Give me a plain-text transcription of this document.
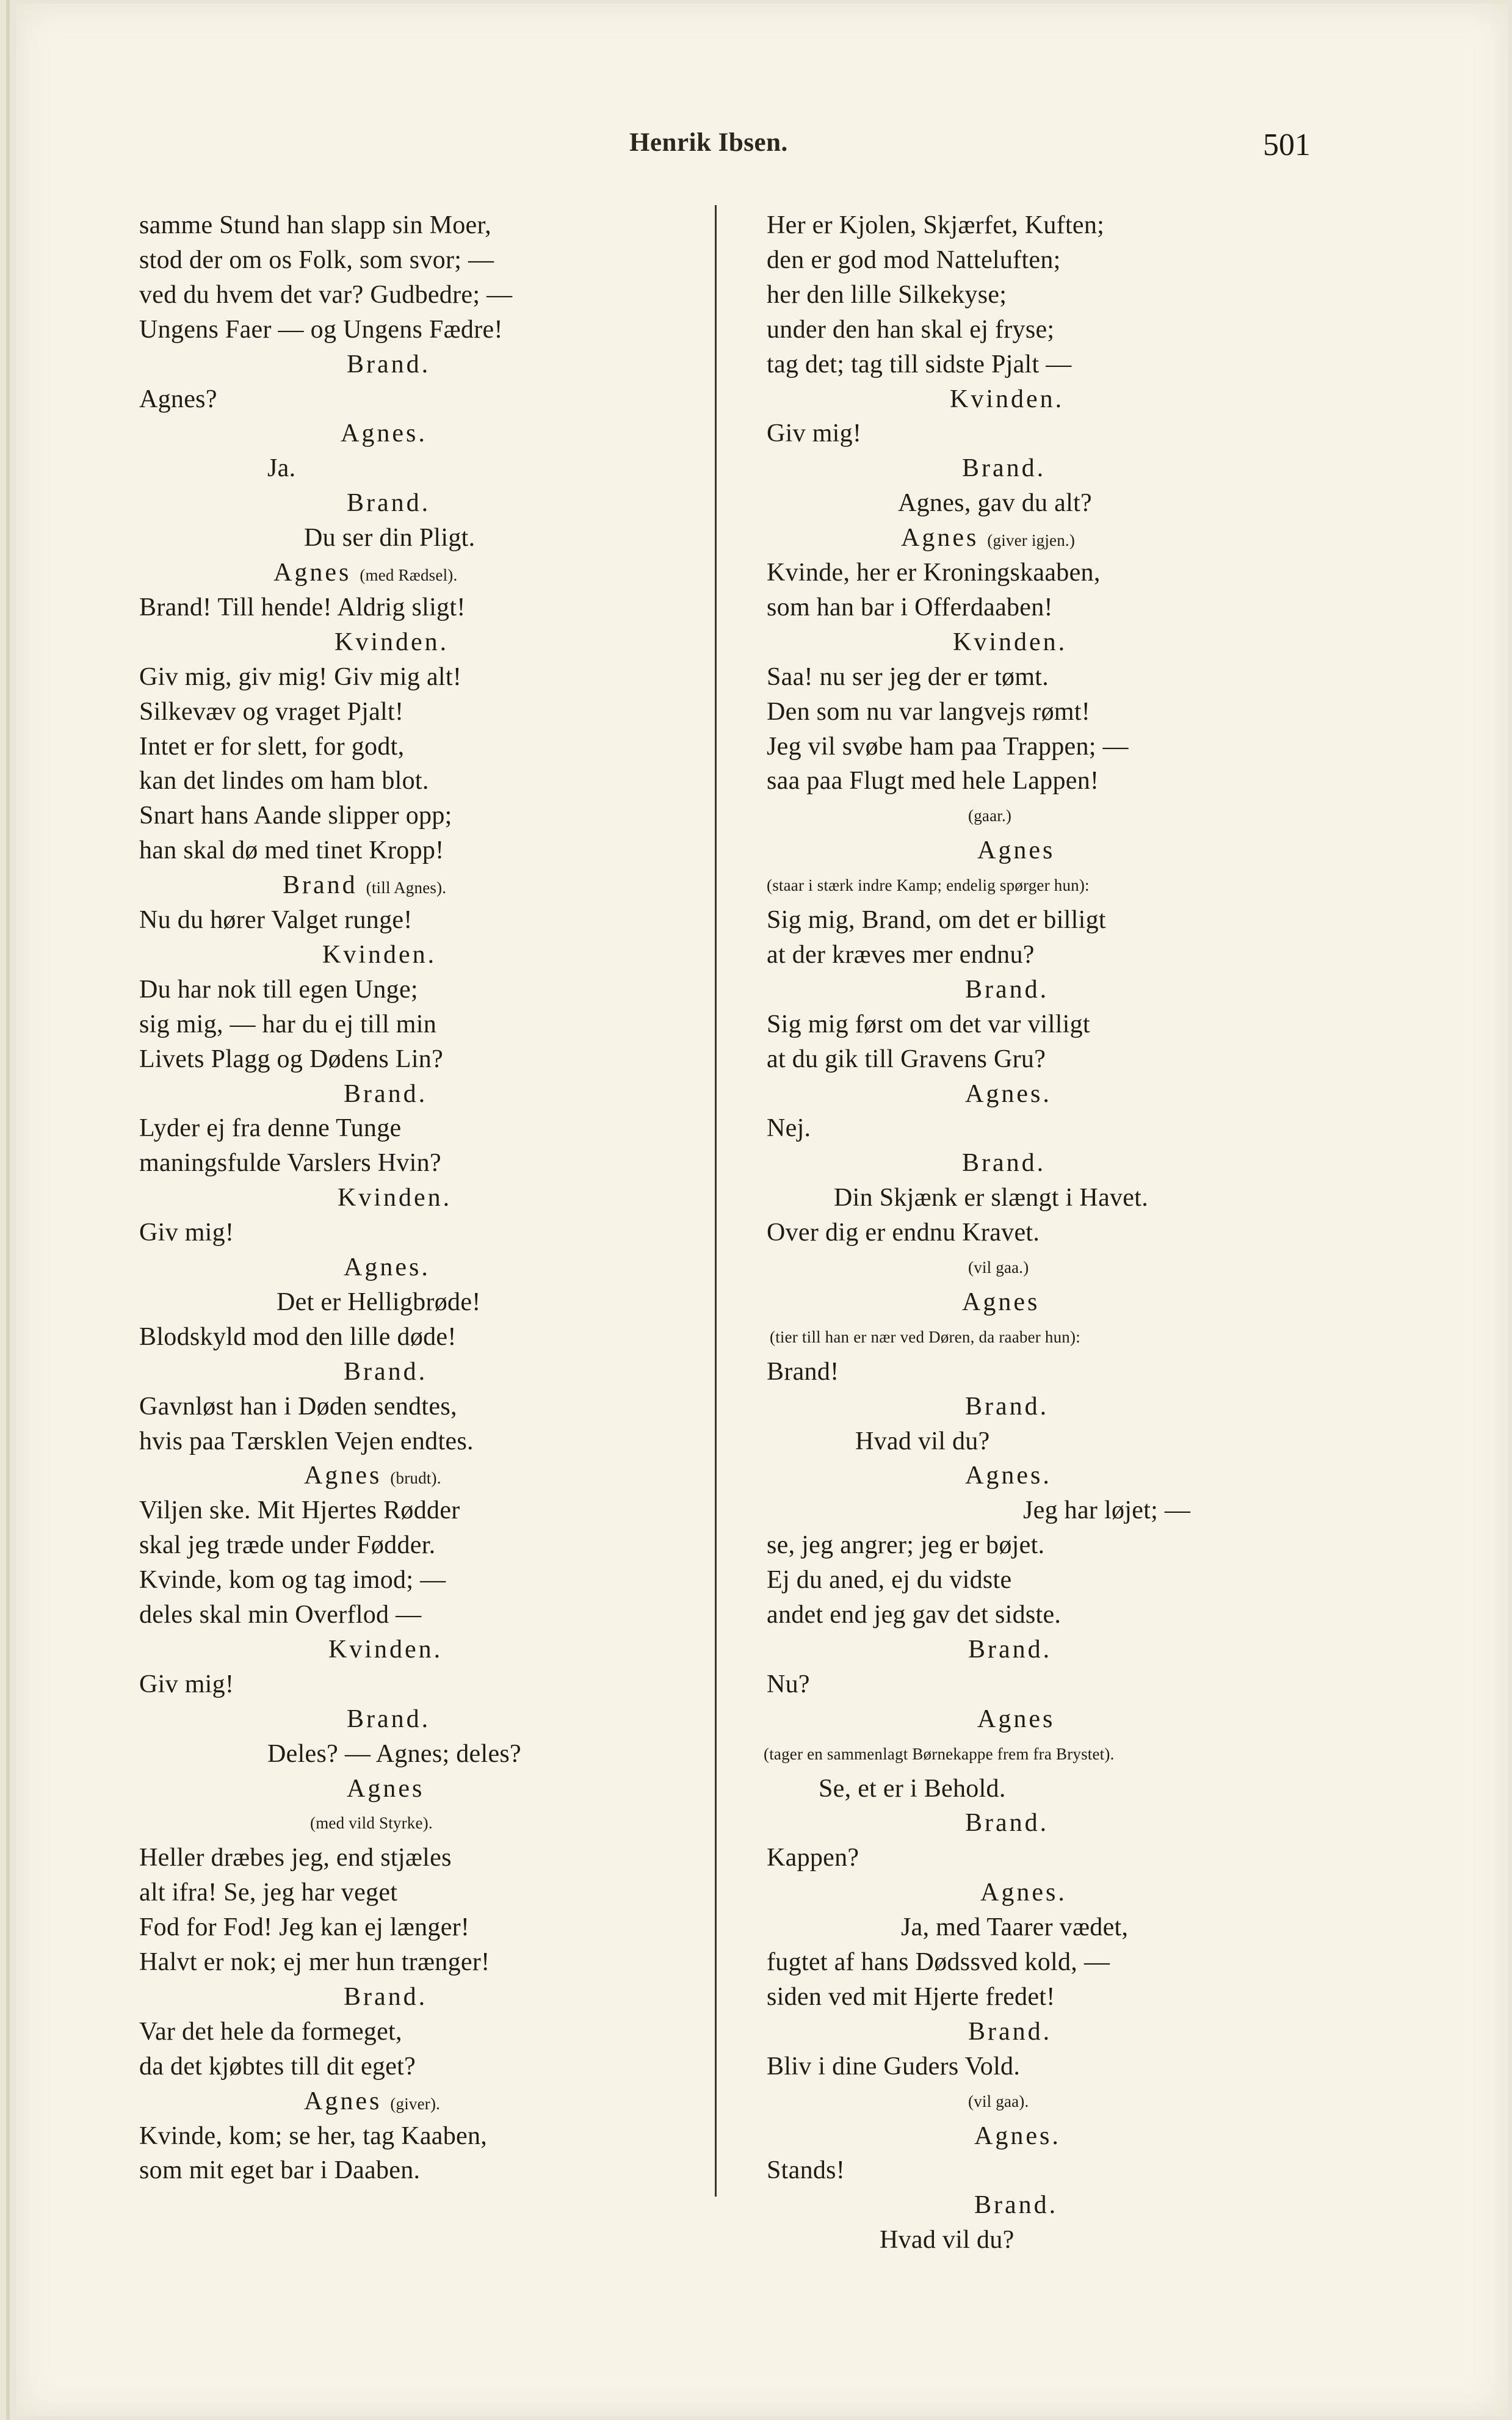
Henrik Ibsen.	501
samme Stund han slapp sin Moer,
stod der om os Folk, som svor; —
ved du hvem det var? Gudbedre; —
Ungens Faer — og Ungens Fædre!
Brand.
Agnes?
Agnes.
Ja.
Brand.
Du ser din Pligt.
Agnes (med Rædsel).
Brand! Till hende! Aldrig sligt!
Kvinden.
Giv mig, giv mig! Giv mig alt!
Silkevæv og vraget Pjalt!
Intet er for slett, for godt,
kan det lindes om ham blot.
Snart hans Aande slipper opp;
han skal dø med tinet Kropp!
Brand (till Agnes).
Nu du hører Valget runge!
Kvinden.
Du har nok till egen Unge;
sig mig, — har du ej till min
Livets Plagg og Dødens Lin?
Brand.
Lyder ej fra denne Tunge
maningsfulde Varslers Hvin?
Kvinden.
Giv mig!
Agnes.
Det er Helligbrøde!
Blodskyld mod den lille døde!
Brand.
Gavnløst han i Døden sendtes,
hvis paa Tærsklen Vejen endtes.
Agnes (brudt).
Viljen ske. Mit Hjertes Rødder
skal jeg træde under Fødder.
Kvinde, kom og tag imod; —
deles skal min Overflod —
Kvinden.
Giv mig!
Brand.
Deles? — Agnes; deles?
Agnes
(med vild Styrke).
Heller dræbes jeg, end stjæles
alt ifra! Se, jeg har veget
Fod for Fod! Jeg kan ej længer!
Halvt er nok; ej mer hun trænger!
Brand.
Var det hele da formeget,
da det kjøbtes till dit eget?
Agnes (giver).
Kvinde, kom; se her, tag Kaaben,
som mit eget bar i Daaben.
Her er Kjolen, Skjærfet, Kuften;
den er god mod Natteluften;
her den lille Silkekyse;
under den han skal ej fryse;
tag det; tag till sidste Pjalt —
Kvinden.
Giv mig!
Brand.
Agnes, gav du alt?
Agnes (giver igjen.)
Kvinde, her er Kroningskaaben,
som han bar i Offerdaaben!
Kvinden.
Saa! nu ser jeg der er tømt.
Den som nu var langvejs rømt!
Jeg vil svøbe ham paa Trappen; —
saa paa Flugt med hele Lappen!
(gaar.)
Agnes
(staar i stærk indre Kamp; endelig spørger hun):
Sig mig, Brand, om det er billigt
at der kræves mer endnu?
Brand.
Sig mig først om det var villigt
at du gik till Gravens Gru?
Agnes.
Nej.
Brand.
Din Skjænk er slængt i Havet.
Over dig er endnu Kravet.
(vil gaa.)
Agnes
(tier till han er nær ved Døren, da raaber hun):
Brand!
Brand.
Hvad vil du?
Agnes.
Jeg har løjet; —
se, jeg angrer; jeg er bøjet.
Ej du aned, ej du vidste
andet end jeg gav det sidste.
Brand.
Nu?
Agnes
(tager en sammenlagt Børnekappe frem fra Brystet).
Se, et er i Behold.
Brand.
Kappen?
Agnes.
Ja, med Taarer vædet,
fugtet af hans Dødssved kold, —
siden ved mit Hjerte fredet!
Brand.
Bliv i dine Guders Vold.
(vil gaa).
Agnes.
Stands!
Brand.
Hvad vil du?
